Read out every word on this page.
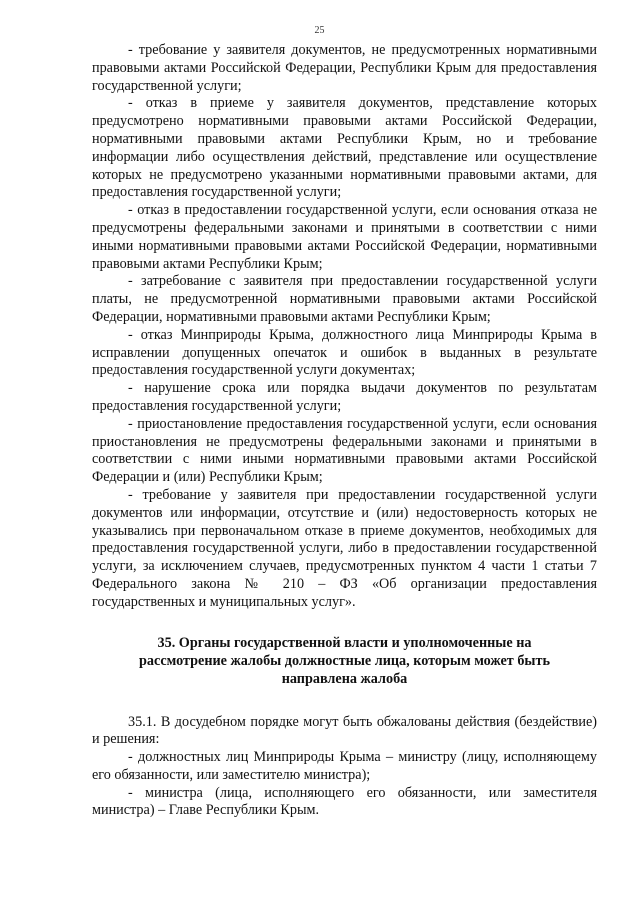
25

- требование у заявителя документов, не предусмотренных нормативными правовыми актами Российской Федерации, Республики Крым для предоставления государственной услуги;

- отказ в приеме у заявителя документов, представление которых предусмотрено нормативными правовыми актами Российской Федерации, нормативными правовыми актами Республики Крым, но и требование информации либо осуществления действий, представление или осуществление которых не предусмотрено указанными нормативными правовыми актами, для предоставления государственной услуги;

- отказ в предоставлении государственной услуги, если основания отказа не предусмотрены федеральными законами и принятыми в соответствии с ними иными нормативными правовыми актами Российской Федерации, нормативными правовыми актами Республики Крым;

- затребование с заявителя при предоставлении государственной услуги платы, не предусмотренной нормативными правовыми актами Российской Федерации, нормативными правовыми актами Республики Крым;

- отказ Минприроды Крыма, должностного лица Минприроды Крыма в исправлении допущенных опечаток и ошибок в выданных в результате предоставления государственной услуги документах;

- нарушение срока или порядка выдачи документов по результатам предоставления государственной услуги;

- приостановление предоставления государственной услуги, если основания приостановления не предусмотрены федеральными законами и принятыми в соответствии с ними иными нормативными правовыми актами Российской Федерации и (или) Республики Крым;

- требование у заявителя при предоставлении государственной услуги документов или информации, отсутствие и (или) недостоверность которых не указывались при первоначальном отказе в приеме документов, необходимых для предоставления государственной услуги, либо в предоставлении государственной услуги, за исключением случаев, предусмотренных пунктом 4 части 1 статьи 7 Федерального закона № 210 – ФЗ «Об организации предоставления государственных и муниципальных услуг».

35. Органы государственной власти и уполномоченные на
рассмотрение жалобы должностные лица, которым может быть
направлена жалоба

35.1. В досудебном порядке могут быть обжалованы действия (бездействие) и решения:

- должностных лиц Минприроды Крыма – министру (лицу, исполняющему его обязанности, или заместителю министра);

- министра (лица, исполняющего его обязанности, или заместителя министра) – Главе Республики Крым.
